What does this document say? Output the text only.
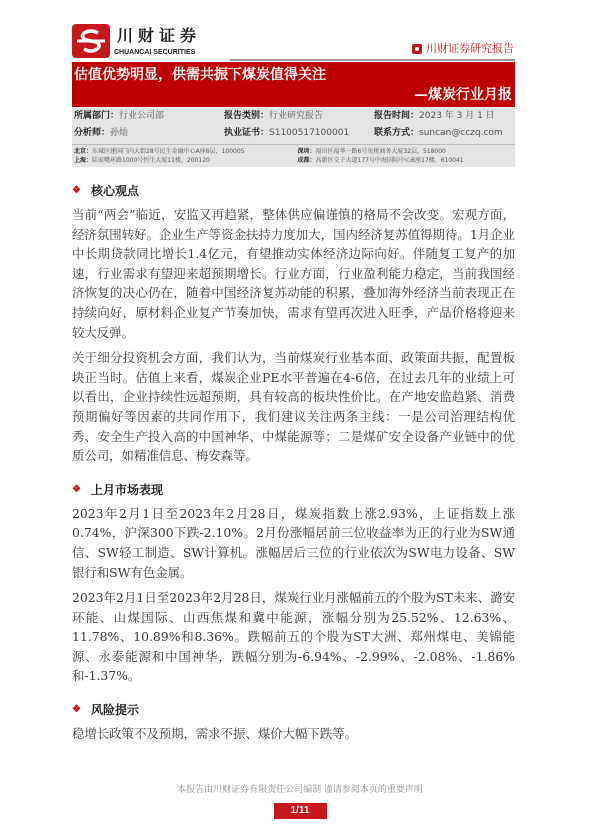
川财证券
CHUANCAI SECURITIES	川财证券研究报告
估值优势明显，供需共振下煤炭值得关注
—煤炭行业月报
所属部门：行业公司部	报告类别：行业研究报告	报告时间：2023 年 3 月 1 日
分析师：孙灿	执业证书：S1100517100001	联系方式：suncan@cczq.com
北京：东城区建国门内大街28号民生金融中心A座6层，100005	深圳：福田区福华一路6号免税商务大厦32层，518000
上海：陆家嘴环路1000号恒生大厦11楼，200120	成都：高新区交子大道177号中海国际中心B座17楼，610041
❖ 核心观点
当前“两会”临近，安监又再趋紧，整体供应偏谨慎的格局不会改变。宏观方面，经济氛围转好。企业生产等资金扶持力度加大，国内经济复苏值得期待。1月企业中长期贷款同比增长1.4亿元，有望推动实体经济边际向好。伴随复工复产的加速，行业需求有望迎来超预期增长。行业方面，行业盈利能力稳定，当前我国经济恢复的决心仍在，随着中国经济复苏动能的积累，叠加海外经济当前表现正在持续向好，原材料企业复产节奏加快，需求有望再次进入旺季，产品价格将迎来较大反弹。
关于细分投资机会方面，我们认为，当前煤炭行业基本面、政策面共振，配置板块正当时。估值上来看，煤炭企业PE水平普遍在4-6倍，在过去几年的业绩上可以看出，企业持续性远超预期，具有较高的板块性价比。在产地安监趋紧、消费预期偏好等因素的共同作用下，我们建议关注两条主线：一是公司治理结构优秀、安全生产投入高的中国神华、中煤能源等；二是煤矿安全设备产业链中的优质公司，如精准信息、梅安森等。
❖ 上月市场表现
2023年2月1日至2023年2月28日，煤炭指数上涨2.93%，上证指数上涨0.74%，沪深300下跌-2.10%。2月份涨幅居前三位收益率为正的行业为SW通信、SW轻工制造、SW计算机。涨幅居后三位的行业依次为SW电力设备、SW银行和SW有色金属。
2023年2月1日至2023年2月28日，煤炭行业月涨幅前五的个股为ST未来、潞安环能、山煤国际、山西焦煤和冀中能源，涨幅分别为25.52%、12.63%、11.78%、10.89%和8.36%。跌幅前五的个股为ST大洲、郑州煤电、美锦能源、永泰能源和中国神华，跌幅分别为-6.94%、-2.99%、-2.08%、-1.86%和-1.37%。
❖ 风险提示
稳增长政策不及预期，需求不振、煤价大幅下跌等。
本报告由川财证券有限责任公司编制 谨请参阅本页的重要声明
1/11
